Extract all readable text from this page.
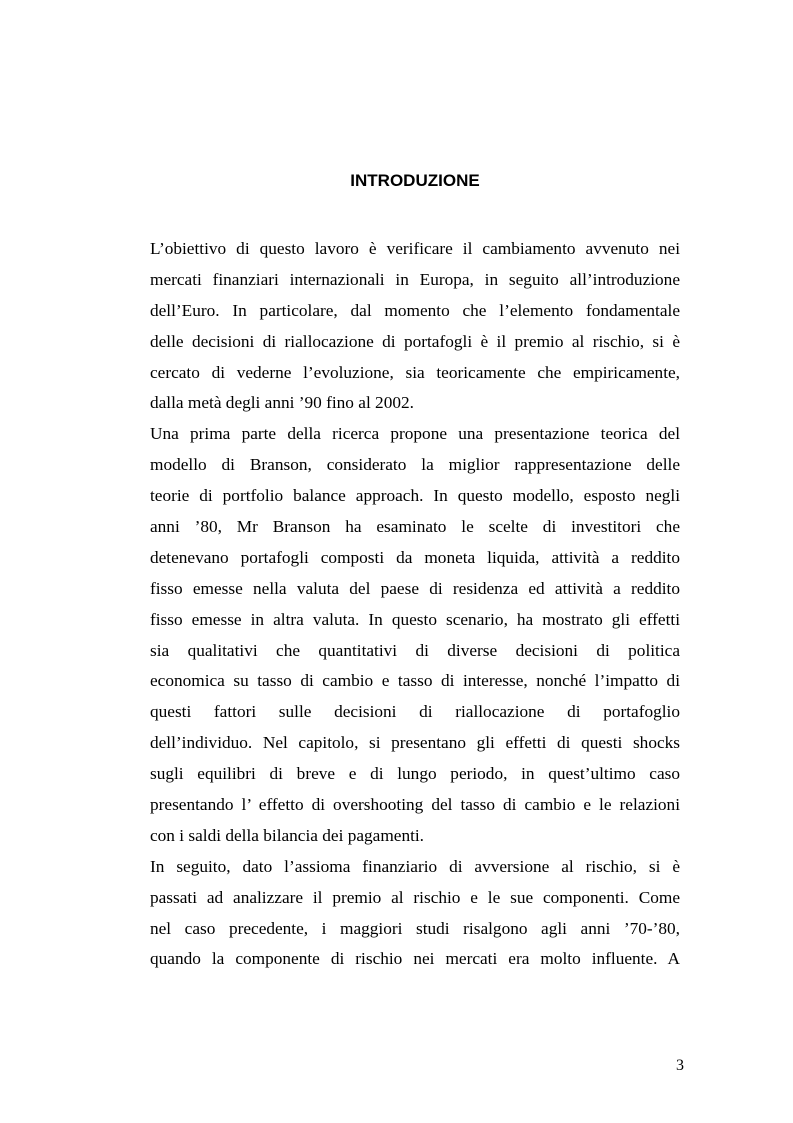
INTRODUZIONE
L’obiettivo di questo lavoro è verificare il cambiamento avvenuto nei
mercati finanziari internazionali in Europa, in seguito all’introduzione
dell’Euro. In particolare, dal momento che l’elemento fondamentale
delle decisioni di riallocazione di portafogli è il premio al rischio, si è
cercato di vederne l’evoluzione, sia teoricamente che empiricamente,
dalla metà degli anni ’90 fino al 2002.
Una prima parte della ricerca propone una presentazione teorica del
modello di Branson, considerato la miglior rappresentazione delle
teorie di portfolio balance approach. In questo modello, esposto negli
anni ’80, Mr Branson ha esaminato le scelte di investitori che
detenevano portafogli composti da moneta liquida, attività a reddito
fisso emesse nella valuta del paese di residenza ed attività a reddito
fisso emesse in altra valuta. In questo scenario, ha mostrato gli effetti
sia qualitativi che quantitativi di diverse decisioni di politica
economica su tasso di cambio e tasso di interesse, nonché l’impatto di
questi fattori sulle decisioni di riallocazione di portafoglio
dell’individuo. Nel capitolo, si presentano gli effetti di questi shocks
sugli equilibri di breve e di lungo periodo, in quest’ultimo caso
presentando l’ effetto di overshooting del tasso di cambio e le relazioni
con i saldi della bilancia dei pagamenti.
In seguito, dato l’assioma finanziario di avversione al rischio, si è
passati ad analizzare il premio al rischio e le sue componenti. Come
nel caso precedente, i maggiori studi risalgono agli anni ’70-’80,
quando la componente di rischio nei mercati era molto influente. A
3
